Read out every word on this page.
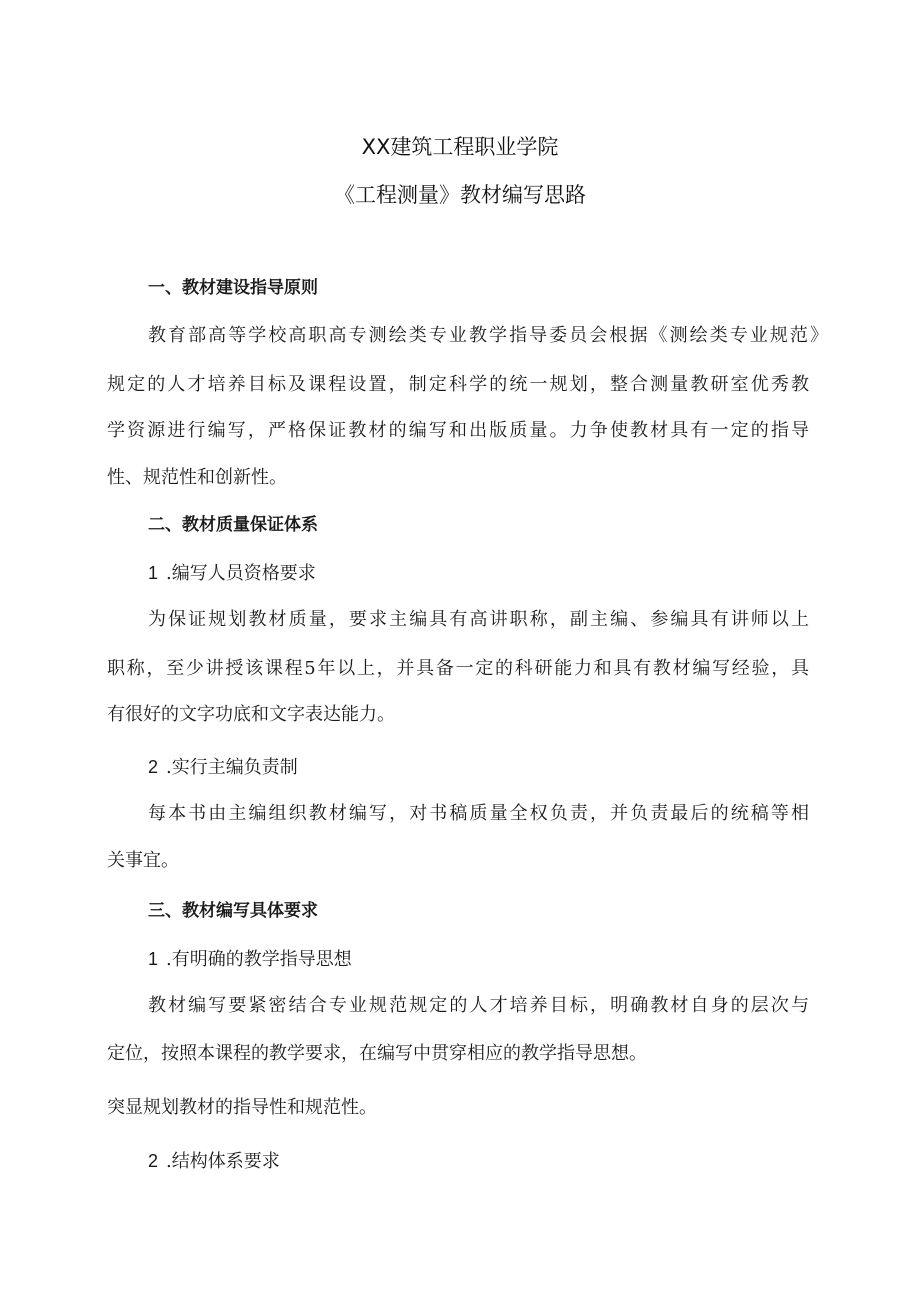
XX建筑工程职业学院
《工程测量》教材编写思路
一、教材建设指导原则
教育部高等学校高职高专测绘类专业教学指导委员会根据《测绘类专业规范》
规定的人才培养目标及课程设置，制定科学的统一规划，整合测量教研室优秀教
学资源进行编写，严格保证教材的编写和出版质量。力争使教材具有一定的指导
性、规范性和创新性。
二、教材质量保证体系
1 .编写人员资格要求
为保证规划教材质量，要求主编具有高讲职称，副主编、参编具有讲师以上
职称，至少讲授该课程5年以上，并具备一定的科研能力和具有教材编写经验，具
有很好的文字功底和文字表达能力。
2 .实行主编负责制
每本书由主编组织教材编写，对书稿质量全权负责，并负责最后的统稿等相
关事宜。
三、教材编写具体要求
1 .有明确的教学指导思想
教材编写要紧密结合专业规范规定的人才培养目标，明确教材自身的层次与
定位，按照本课程的教学要求，在编写中贯穿相应的教学指导思想。
突显规划教材的指导性和规范性。
2 .结构体系要求
